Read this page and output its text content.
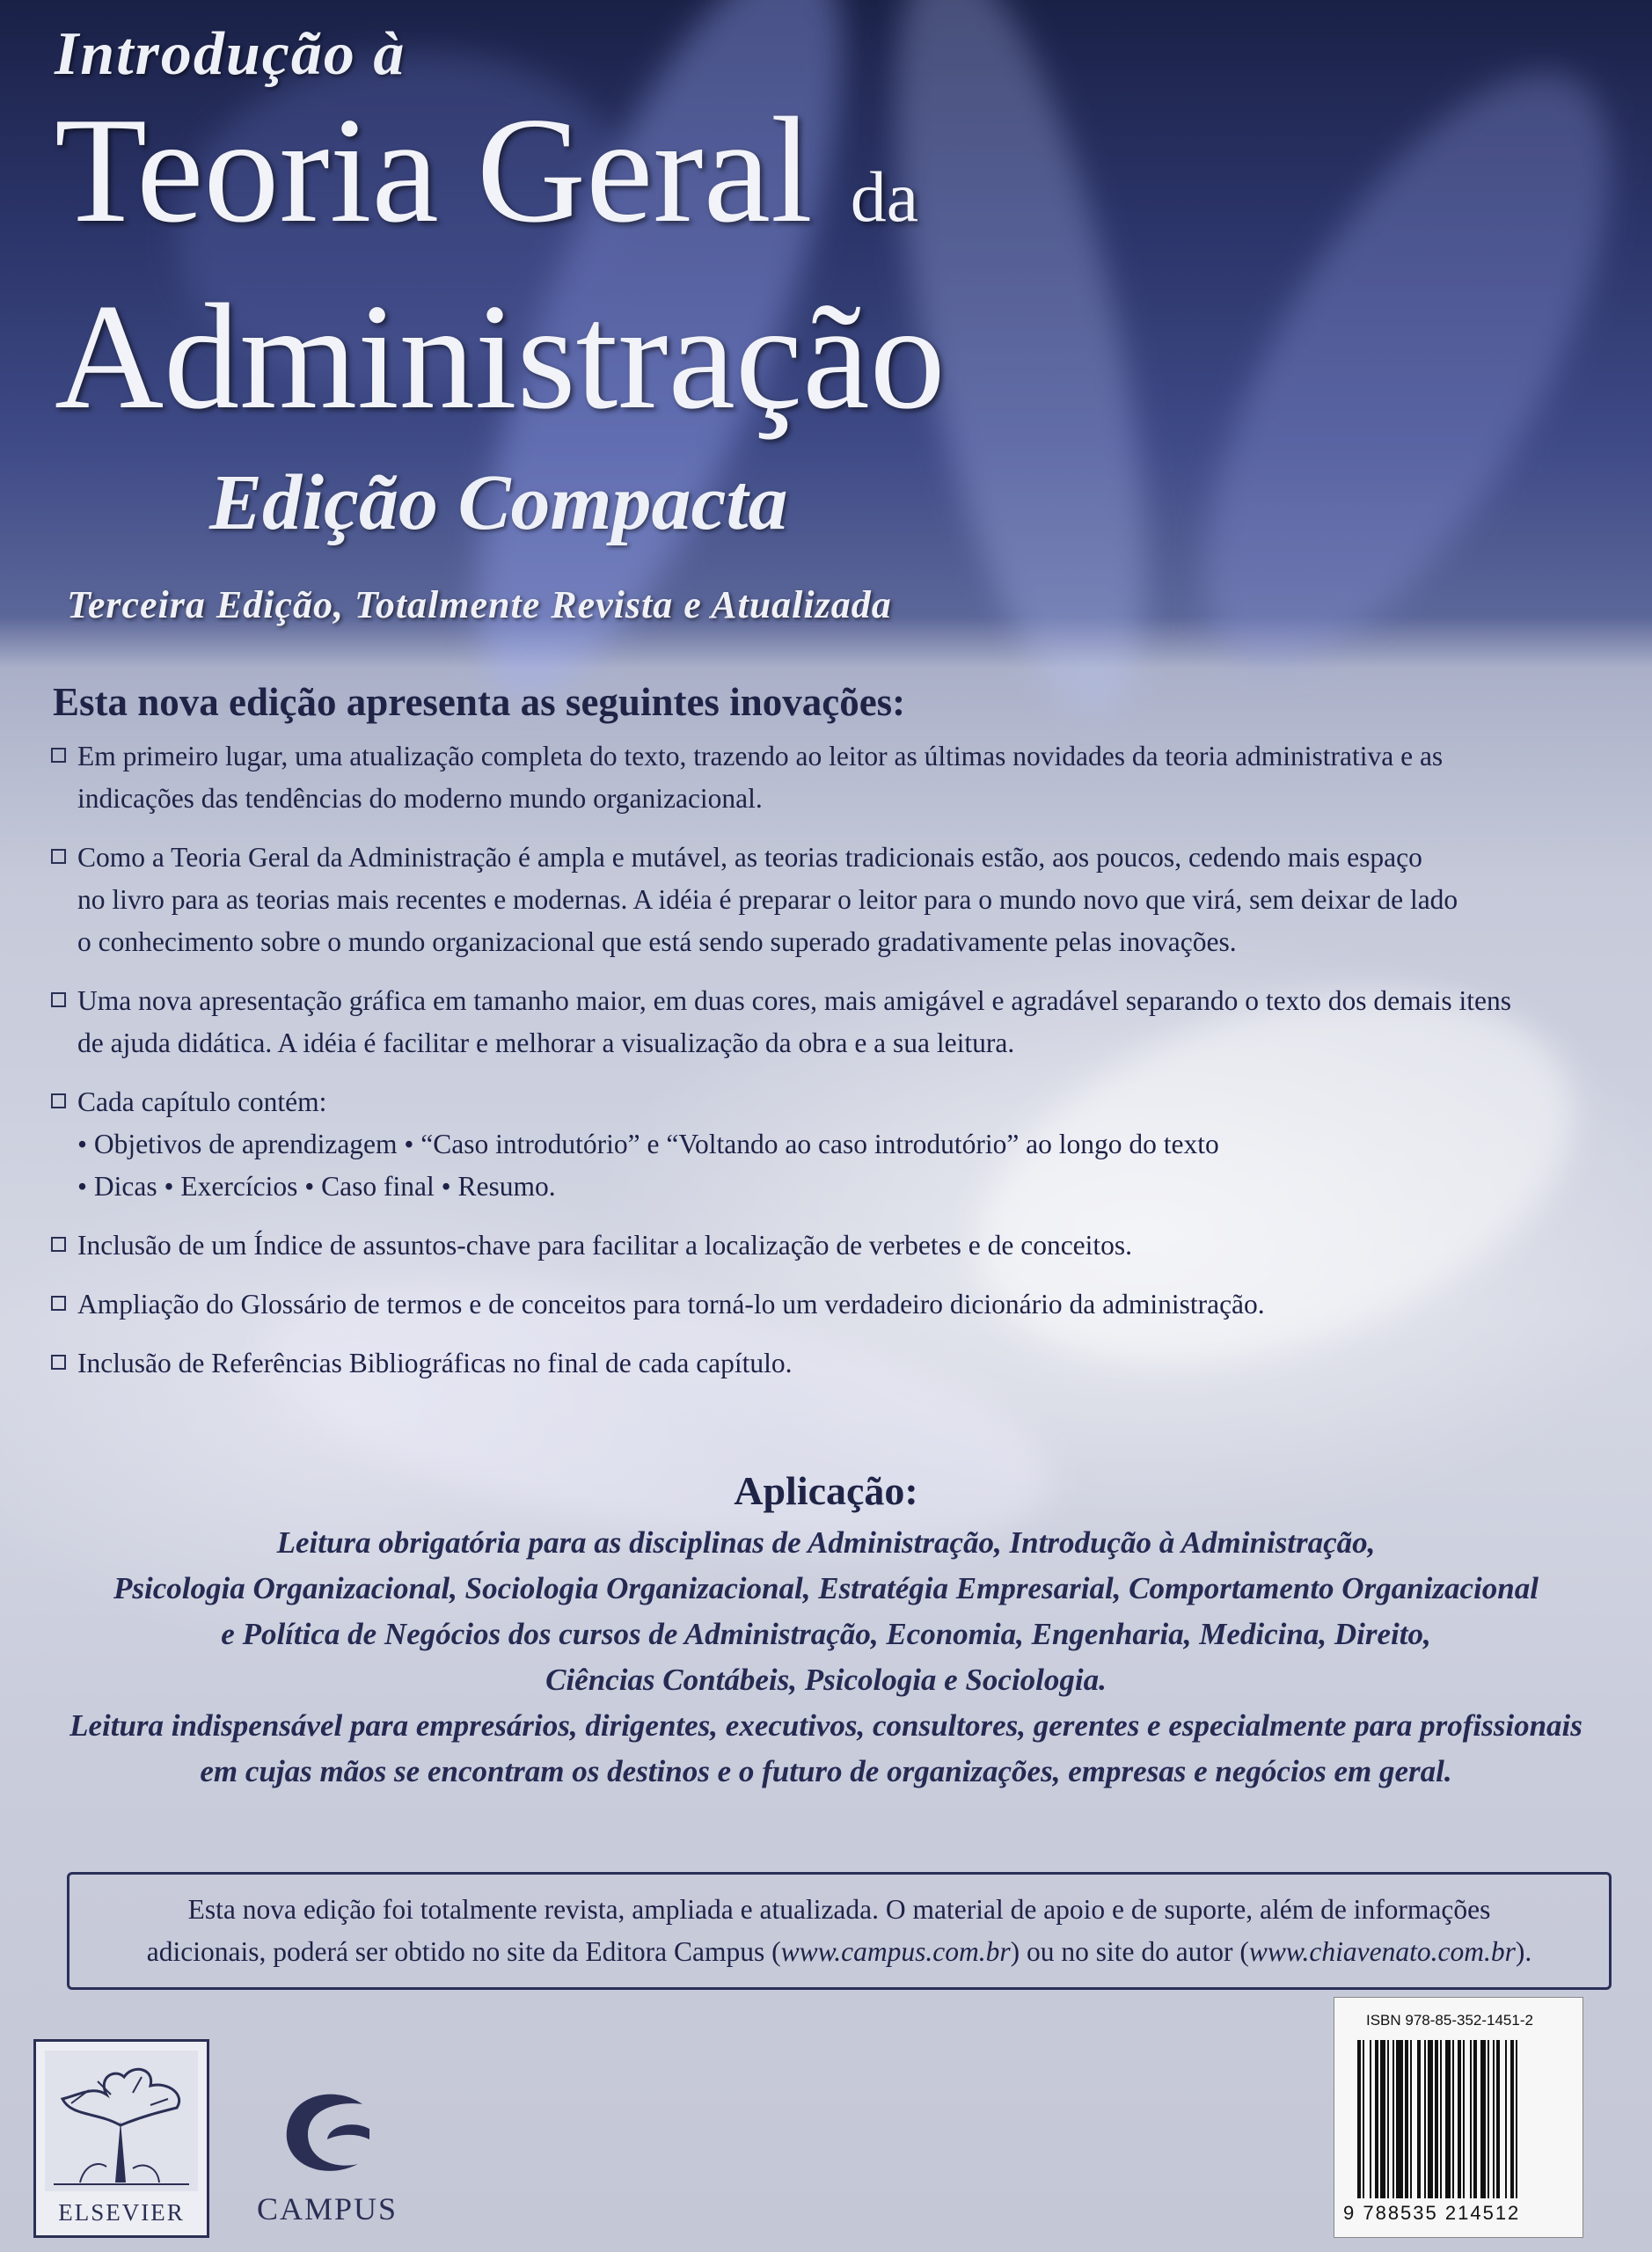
Introdução à
Teoria Geral da
Administração
Edição Compacta
Terceira Edição, Totalmente Revista e Atualizada
Esta nova edição apresenta as seguintes inovações:

Em primeiro lugar, uma atualização completa do texto, trazendo ao leitor as últimas novidades da teoria administrativa e as

indicações das tendências do moderno mundo organizacional.

Como a Teoria Geral da Administração é ampla e mutável, as teorias tradicionais estão, aos poucos, cedendo mais espaço

no livro para as teorias mais recentes e modernas. A idéia é preparar o leitor para o mundo novo que virá, sem deixar de lado

o conhecimento sobre o mundo organizacional que está sendo superado gradativamente pelas inovações.

Uma nova apresentação gráfica em tamanho maior, em duas cores, mais amigável e agradável separando o texto dos demais itens

de ajuda didática. A idéia é facilitar e melhorar a visualização da obra e a sua leitura.

Cada capítulo contém:

• Objetivos de aprendizagem • “Caso introdutório” e “Voltando ao caso introdutório” ao longo do texto

• Dicas • Exercícios • Caso final • Resumo.

Inclusão de um Índice de assuntos-chave para facilitar a localização de verbetes e de conceitos.

Ampliação do Glossário de termos e de conceitos para torná-lo um verdadeiro dicionário da administração.

Inclusão de Referências Bibliográficas no final de cada capítulo.

Aplicação:

Leitura obrigatória para as disciplinas de Administração, Introdução à Administração,

Psicologia Organizacional, Sociologia Organizacional, Estratégia Empresarial, Comportamento Organizacional

e Política de Negócios dos cursos de Administração, Economia, Engenharia, Medicina, Direito,

Ciências Contábeis, Psicologia e Sociologia.

Leitura indispensável para empresários, dirigentes, executivos, consultores, gerentes e especialmente para profissionais

em cujas mãos se encontram os destinos e o futuro de organizações, empresas e negócios em geral.

Esta nova edição foi totalmente revista, ampliada e atualizada. O material de apoio e de suporte, além de informações

adicionais, poderá ser obtido no site da Editora Campus (www.campus.com.br) ou no site do autor (www.chiavenato.com.br).

ISBN 978-85-352-1451-2
9 788535 214512
ELSEVIER	CAMPUS
